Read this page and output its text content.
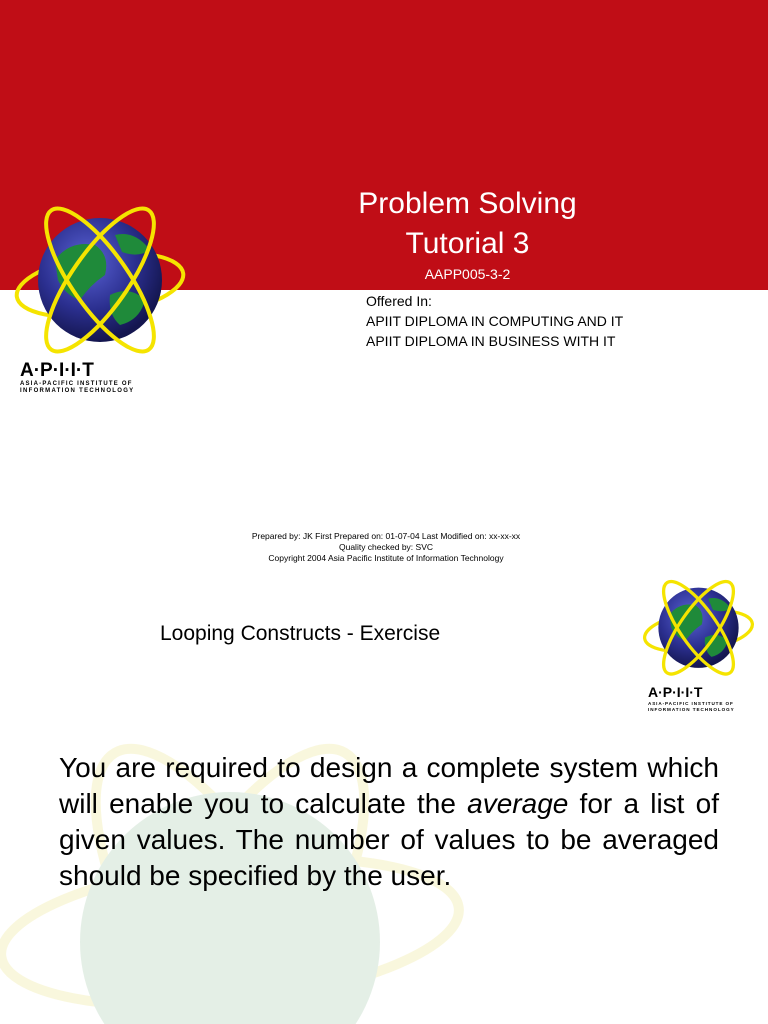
Problem Solving
Tutorial 3
AAPP005-3-2
Offered In:
APIIT DIPLOMA IN COMPUTING AND IT
APIIT DIPLOMA IN BUSINESS WITH IT
A·P·I·I·T
ASIA-PACIFIC INSTITUTE OF
INFORMATION TECHNOLOGY
Prepared by: JK First Prepared on: 01-07-04 Last Modified on: xx-xx-xx
Quality checked by: SVC
Copyright 2004 Asia Pacific Institute of Information Technology
Looping Constructs - Exercise
A·P·I·I·T
ASIA-PACIFIC INSTITUTE OF
INFORMATION TECHNOLOGY
You are required to design a complete system which will enable you to calculate the average for a list of given values. The number of values to be averaged should be specified by the user.
